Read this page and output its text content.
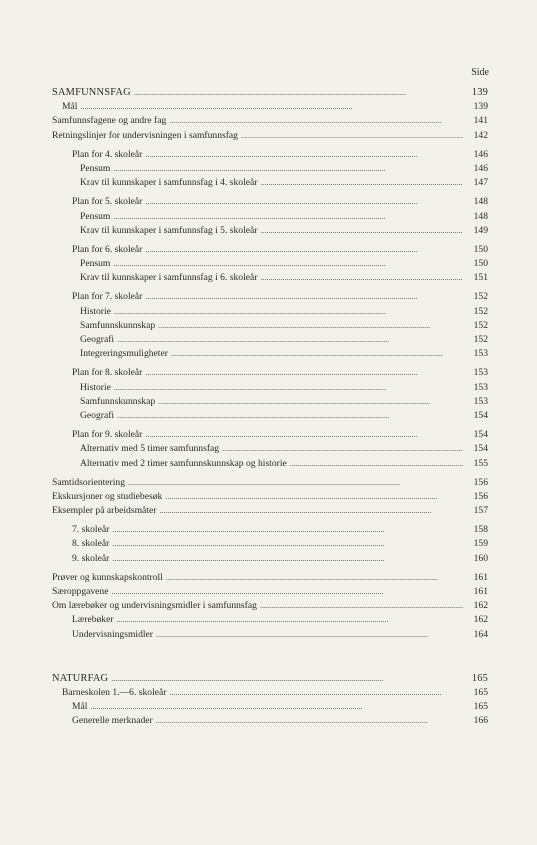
Side
SAMFUNNSFAG . . .	139
Mål . . .	139
Samfunnsfagene og andre fag . . .	141
Retningslinjer for undervisningen i samfunnsfag . . .	142
Plan for 4. skoleår . . .	146
Pensum . . .	146
Krav til kunnskaper i samfunnsfag i 4. skoleår . . .	147
Plan for 5. skoleår . . .	148
Pensum . . .	148
Krav til kunnskaper i samfunnsfag i 5. skoleår . . .	149
Plan for 6. skoleår . . .	150
Pensum . . .	150
Krav til kunnskaper i samfunnsfag i 6. skoleår . . .	151
Plan for 7. skoleår . . .	152
Historie . . .	152
Samfunnskunnskap . . .	152
Geografi . . .	152
Integreringsmuligheter . . .	153
Plan for 8. skoleår . . .	153
Historie . . .	153
Samfunnskunnskap . . .	153
Geografi . . .	154
Plan for 9. skoleår . . .	154
Alternativ med 5 timer samfunnsfag . . .	154
Alternativ med 2 timer samfunnskunnskap og historie . . .	155
Samtidsorientering . . .	156
Ekskursjoner og studiebesøk . . .	156
Eksempler på arbeidsmåter . . .	157
7. skoleår . . .	158
8. skoleår . . .	159
9. skoleår . . .	160
Prøver og kunnskapskontroll . . .	161
Særoppgavene . . .	161
Om lærebøker og undervisningsmidler i samfunnsfag . . .	162
Lærebøker . . .	162
Undervisningsmidler . . .	164
NATURFAG . . .	165
Barneskolen 1.—6. skoleår . . .	165
Mål . . .	165
Generelle merknader . . .	166
